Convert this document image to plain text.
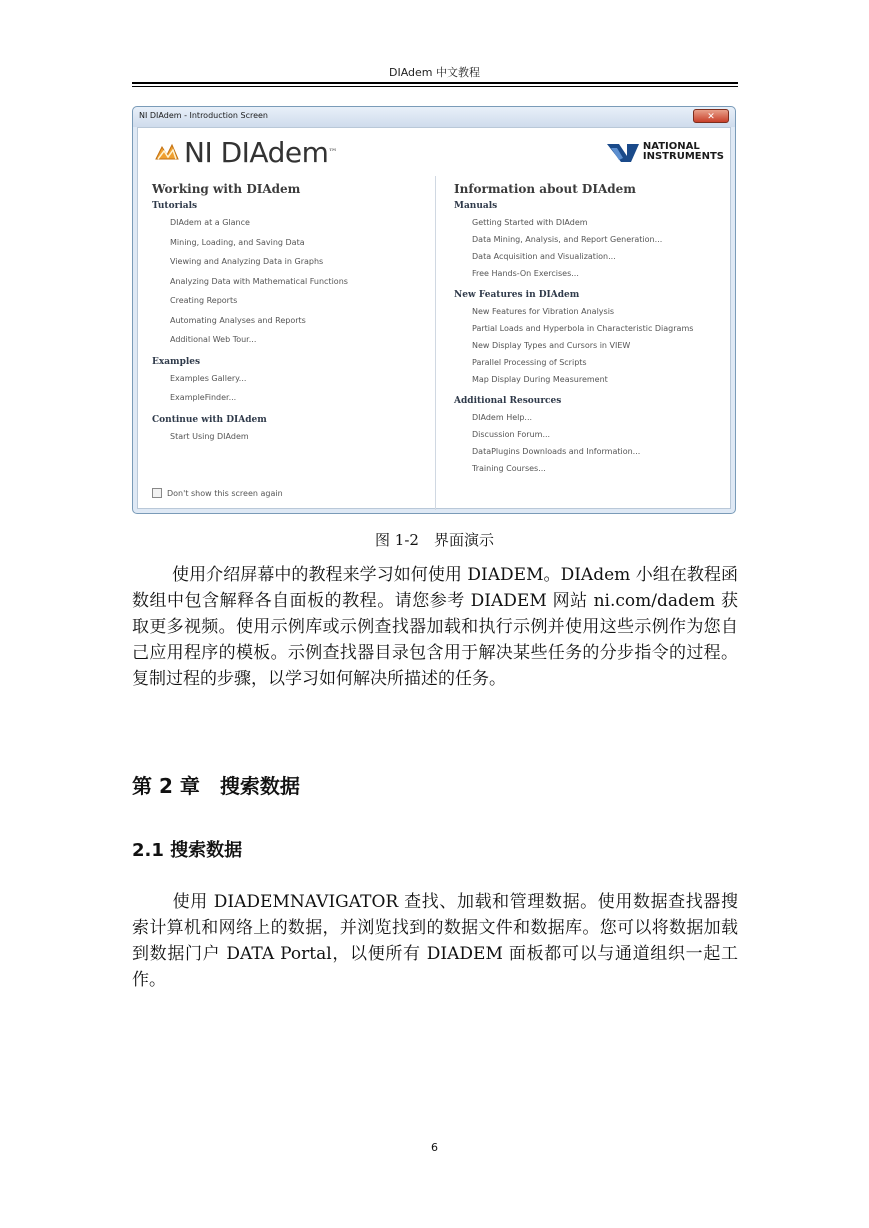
DIAdem 中文教程
NI DIAdem - Introduction Screen	✕
NI DIAdem ™
NATIONAL
INSTRUMENTS
Working with DIAdem
Tutorials
DIAdem at a Glance
Mining, Loading, and Saving Data
Viewing and Analyzing Data in Graphs
Analyzing Data with Mathematical Functions
Creating Reports
Automating Analyses and Reports
Additional Web Tour...
Examples
Examples Gallery...
ExampleFinder...
Continue with DIAdem
Start Using DIAdem
Information about DIAdem
Manuals
Getting Started with DIAdem
Data Mining, Analysis, and Report Generation...
Data Acquisition and Visualization...
Free Hands-On Exercises...
New Features in DIAdem
New Features for Vibration Analysis
Partial Loads and Hyperbola in Characteristic Diagrams
New Display Types and Cursors in VIEW
Parallel Processing of Scripts
Map Display During Measurement
Additional Resources
DIAdem Help...
Discussion Forum...
DataPlugins Downloads and Information...
Training Courses...
Don't show this screen again
图 1-2　界面演示
使用介绍屏幕中的教程来学习如何使用 DIADEM。DIAdem 小组在教程函数组中包含解释各自面板的教程。请您参考 DIADEM 网站 ni.com/dadem 获取更多视频。使用示例库或示例查找器加载和执行示例并使用这些示例作为您自己应用程序的模板。示例查找器目录包含用于解决某些任务的分步指令的过程。复制过程的步骤，以学习如何解决所描述的任务。
第 2 章　搜索数据
2.1 搜索数据
使用 DIADEMNAVIGATOR 查找、加载和管理数据。使用数据查找器搜索计算机和网络上的数据，并浏览找到的数据文件和数据库。您可以将数据加载到数据门户 DATA Portal，以便所有 DIADEM 面板都可以与通道组织一起工作。
6
